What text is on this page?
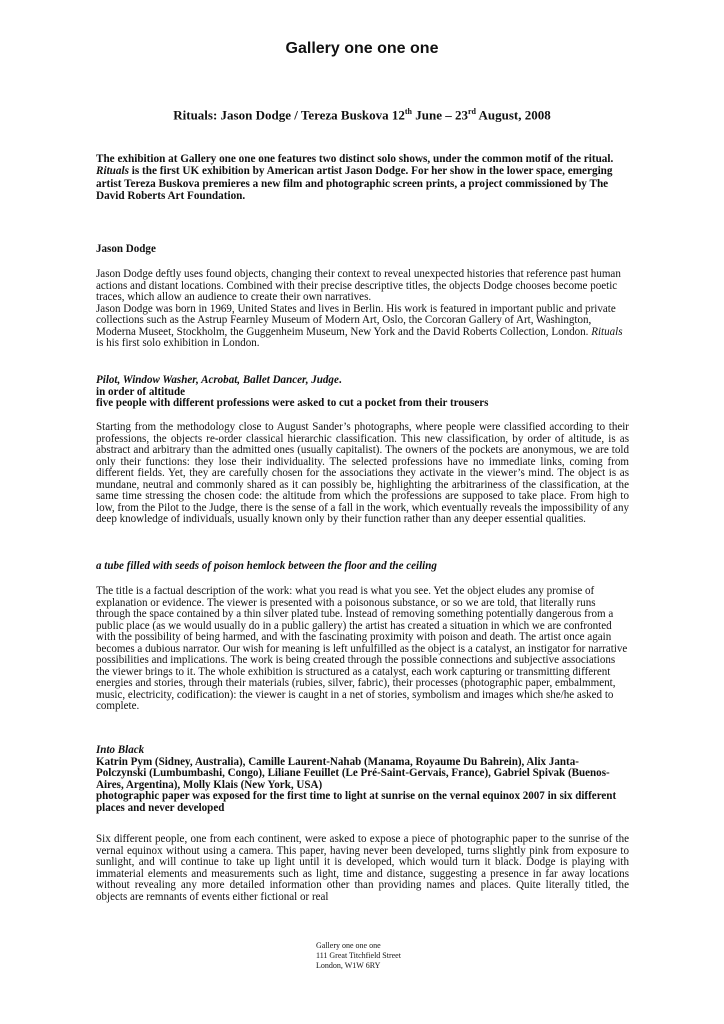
Gallery one one one
Rituals: Jason Dodge / Tereza Buskova 12th June – 23rd August, 2008
The exhibition at Gallery one one one features two distinct solo shows, under the common motif of the ritual. Rituals is the first UK exhibition by American artist Jason Dodge. For her show in the lower space, emerging artist Tereza Buskova premieres a new film and photographic screen prints, a project commissioned by The David Roberts Art Foundation.
Jason Dodge

Jason Dodge deftly uses found objects, changing their context to reveal unexpected histories that reference past human actions and distant locations. Combined with their precise descriptive titles, the objects Dodge chooses become poetic traces, which allow an audience to create their own narratives.

Jason Dodge was born in 1969, United States and lives in Berlin. His work is featured in important public and private collections such as the Astrup Fearnley Museum of Modern Art, Oslo, the Corcoran Gallery of Art, Washington, Moderna Museet, Stockholm, the Guggenheim Museum, New York and the David Roberts Collection, London. Rituals is his first solo exhibition in London.

Pilot, Window Washer, Acrobat, Ballet Dancer, Judge.
in order of altitude
five people with different professions were asked to cut a pocket from their trousers
Starting from the methodology close to August Sander’s photographs, where people were classified according to their professions, the objects re-order classical hierarchic classification. This new classification, by order of altitude, is as abstract and arbitrary than the admitted ones (usually capitalist). The owners of the pockets are anonymous, we are told only their functions: they lose their individuality. The selected professions have no immediate links, coming from different fields. Yet, they are carefully chosen for the associations they activate in the viewer’s mind. The object is as mundane, neutral and commonly shared as it can possibly be, highlighting the arbitrariness of the classification, at the same time stressing the chosen code: the altitude from which the professions are supposed to take place. From high to low, from the Pilot to the Judge, there is the sense of a fall in the work, which eventually reveals the impossibility of any deep knowledge of individuals, usually known only by their function rather than any deeper essential qualities.
a tube filled with seeds of poison hemlock between the floor and the ceiling
The title is a factual description of the work: what you read is what you see. Yet the object eludes any promise of explanation or evidence. The viewer is presented with a poisonous substance, or so we are told, that literally runs through the space contained by a thin silver plated tube. Instead of removing something potentially dangerous from a public place (as we would usually do in a public gallery) the artist has created a situation in which we are confronted with the possibility of being harmed, and with the fascinating proximity with poison and death. The artist once again becomes a dubious narrator. Our wish for meaning is left unfulfilled as the object is a catalyst, an instigator for narrative possibilities and implications. The work is being created through the possible connections and subjective associations the viewer brings to it. The whole exhibition is structured as a catalyst, each work capturing or transmitting different energies and stories, through their materials (rubies, silver, fabric), their processes (photographic paper, embalmment, music, electricity, codification): the viewer is caught in a net of stories, symbolism and images which she/he asked to complete.
Into Black
Katrin Pym (Sidney, Australia), Camille Laurent-Nahab (Manama, Royaume Du Bahrein), Alix Janta-Polczynski (Lumbumbashi, Congo), Liliane Feuillet (Le Pré-Saint-Gervais, France), Gabriel Spivak (Buenos-Aires, Argentina), Molly Klais (New York, USA)
photographic paper was exposed for the first time to light at sunrise on the vernal equinox 2007 in six different places and never developed
Six different people, one from each continent, were asked to expose a piece of photographic paper to the sunrise of the vernal equinox without using a camera. This paper, having never been developed, turns slightly pink from exposure to sunlight, and will continue to take up light until it is developed, which would turn it black. Dodge is playing with immaterial elements and measurements such as light, time and distance, suggesting a presence in far away locations without revealing any more detailed information other than providing names and places. Quite literally titled, the objects are remnants of events either fictional or real
Gallery one one one
111 Great Titchfield Street
London, W1W 6RY
